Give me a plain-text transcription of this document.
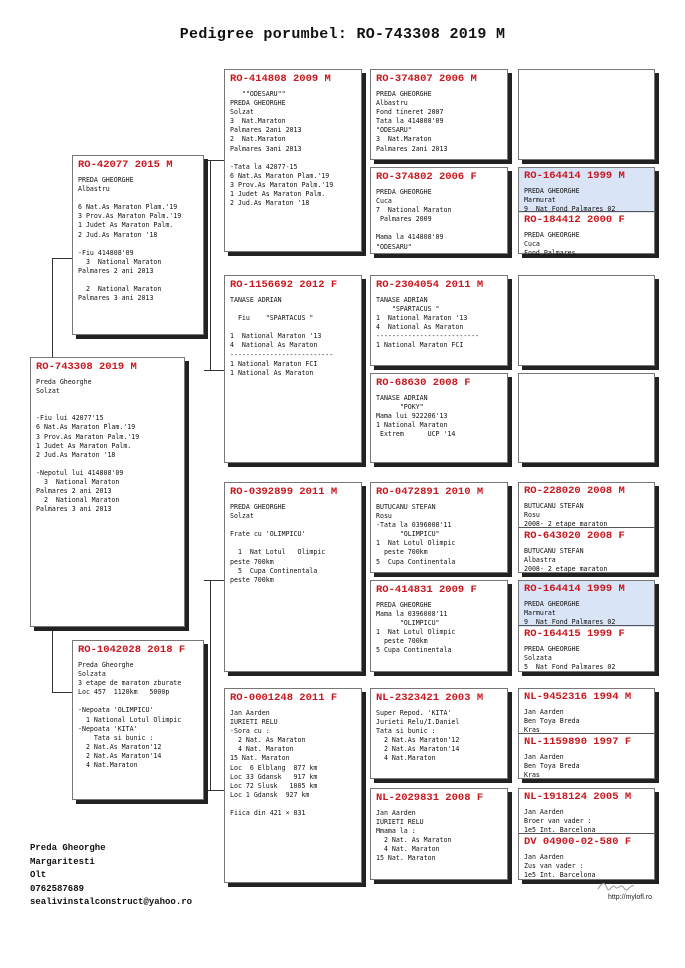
Pedigree porumbel: RO-743308 2019 M
RO-743308 2019 M
Preda Gheorghe
Solzat
-Fiu lui 42077'15
6 Nat.As Maraton Plam.'19
3 Prov.As Maraton Palm.'19
1 Judet As Maraton Palm.
2 Jud.As Maraton '18
-Nepotul lui 414808'09
3  National Maraton
Palmares 2 ani 2013
2  National Maraton
Palmares 3 ani 2013
RO-42077 2015 M
PREDA GHEORGHE
Albastru
6 Nat.As Maraton Plam.'19
3 Prov.As Maraton Palm.'19
1 Judet As Maraton Palm.
2 Jud.As Maraton '18
-Fiu 414808'09
3  National Maraton
Palmares 2 ani 2013
2  National Maraton
Palmares 3 ani 2013
RO-1042028 2018 F
Preda Gheorghe
Solzata
3 etape de maraton zburate
Loc 457  1120km   5000p
-Nepoata 'OLIMPICU'
1 National Lotul Olimpic
-Nepoata 'KITA'
Tata si bunic :
2 Nat.As Maraton'12
2 Nat.As Maraton'14
4 Nat.Maraton
RO-414808 2009 M
""ODESARU""
PREDA GHEORGHE
Solzat
3  Nat.Maraton
Palmares 2ani 2013
2  Nat.Maraton
Palmares 3ani 2013
-Tata la 42077-15
6 Nat.As Maraton Plam.'19
3 Prov.As Maraton Palm.'19
1 Judet As Maraton Palm.
2 Jud.As Maraton '18
RO-1156692 2012 F
TANASE ADRIAN
Fiu    "SPARTACUS "
1  National Maraton '13
4  National As Maraton
--------------------------
1 National Maraton FCI
1 National As Maraton
RO-0392899 2011 M
PREDA GHEORGHE
Solzat
Frate cu 'OLIMPICU'
1  Nat Lotul   Olimpic
peste 700km
5  Cupa Continentala
peste 700km
RO-0001248 2011 F
Jan Aarden
IURIETI RELU
-Sora cu :
2 Nat. As Maraton
4 Nat. Maraton
15 Nat. Maraton
Loc  6 Elblang  877 km
Loc 33 Gdansk   917 km
Loc 72 Slusk   1005 km
Loc 1 Gdansk  927 km
Fiica din 421 × 831
RO-374807 2006 M
PREDA GHEORGHE
Albastru
Fond tineret 2007
Tata la 414808'09
"ODESARU"
3  Nat.Maraton
Palmares 2ani 2013
RO-374802 2006 F
PREDA GHEORGHE
Cuca
7  National Maraton
Palmares 2009
Mama la 414808'09
"ODESARU"
RO-2304054 2011 M
TANASE ADRIAN
"SPARTACUS "
1  National Maraton '13
4  National As Maraton
--------------------------
1 National Maraton FCI
RO-68630 2008 F
TANASE ADRIAN
"POKY"
Mama lui 922206'13
1 National Maraton
Extrem      UCP '14
RO-0472891 2010 M
BUTUCANU STEFAN
Rosu
-Tata la 0396008'11
"OLIMPICU"
1  Nat Lotul Olimpic
peste 700km
5  Cupa Continentala
RO-414831 2009 F
PREDA GHEORGHE
Mama la 0396008'11
"OLIMPICU"
1  Nat Lotul Olimpic
peste 700km
5 Cupa Continentala
NL-2323421 2003 M
Super Repod. 'KITA'
Jurieti Relu/I.Daniel
Tata si bunic :
2 Nat.As Maraton'12
2 Nat.As Maraton'14
4 Nat.Maraton
NL-2029831 2008 F
Jan Aarden
IURIETI RELU
Mmama la :
2 Nat. As Maraton
4 Nat. Maraton
15 Nat. Maraton
RO-164414 1999 M
PREDA GHEORGHE
Marmurat
9  Nat Fond Palmares 02
RO-184412 2000 F
PREDA GHEORGHE
Cuca
Fond Palmares
RO-228020 2008 M
BUTUCANU STEFAN
Rosu
2008- 2 etape maraton
RO-643020 2008 F
BUTUCANU STEFAN
Albastra
2008- 2 etape maraton
RO-164414 1999 M
PREDA GHEORGHE
Marmurat
9  Nat Fond Palmares 02
RO-164415 1999 F
PREDA GHEORGHE
Solzata
5  Nat Fond Palmares 02
NL-9452316 1994 M
Jan Aarden
Ben Toya Breda
Kras
NL-1159890 1997 F
Jan Aarden
Ben Toya Breda
Kras
NL-1918124 2005 M
Jan Aarden
Broer van vader :
1e5 Int. Barcelona
DV 04900-02-580 F
Jan Aarden
Zus van vader :
1e5 Int. Barcelona
Preda Gheorghe
Margaritesti
Olt
0762587689
sealivinstalconstruct@yahoo.ro	http://mylofl.ro
